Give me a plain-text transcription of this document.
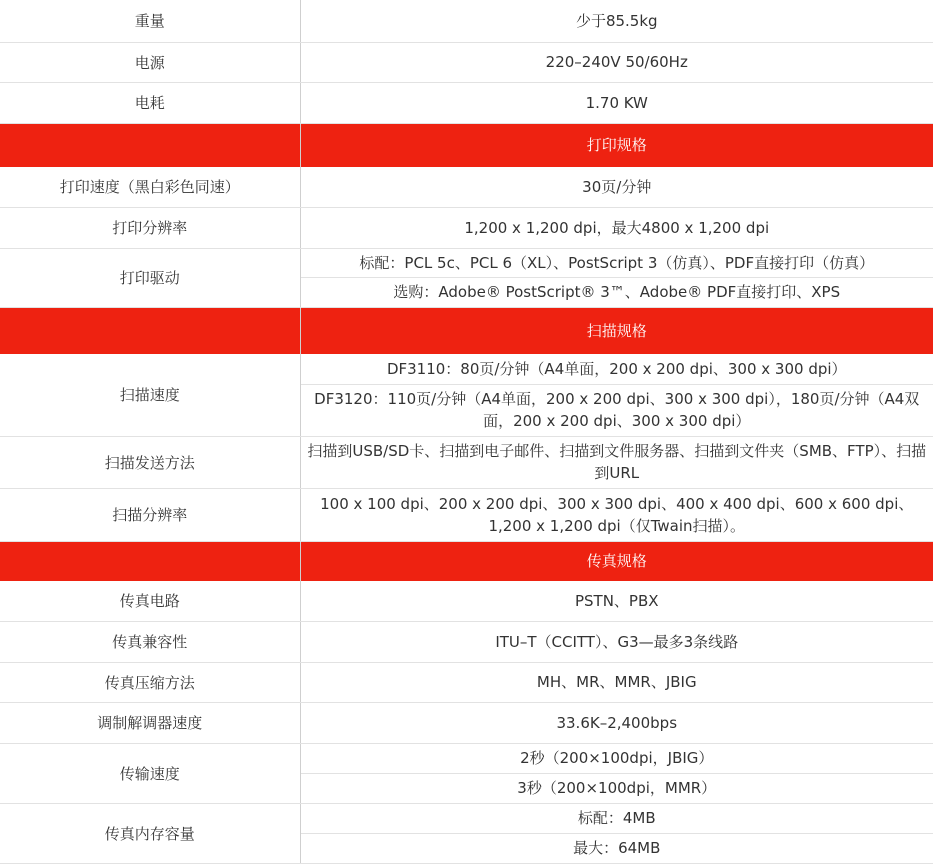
重量	少于85.5kg
电源	220–240V 50/60Hz
电耗	1.70 KW
	打印规格
打印速度（黑白彩色同速）	30页/分钟
打印分辨率	1,200 x 1,200 dpi，最大4800 x 1,200 dpi
打印驱动	标配：PCL 5c、PCL 6（XL）、PostScript 3（仿真）、PDF直接打印（仿真）
	选购：Adobe® PostScript® 3™、Adobe® PDF直接打印、XPS
	扫描规格
扫描速度	DF3110：80页/分钟（A4单面，200 x 200 dpi、300 x 300 dpi）
	DF3120：110页/分钟（A4单面，200 x 200 dpi、300 x 300 dpi），180页/分钟（A4双面，200 x 200 dpi、300 x 300 dpi）
扫描发送方法	扫描到USB/SD卡、扫描到电子邮件、扫描到文件服务器、扫描到文件夹（SMB、FTP）、扫描到URL
扫描分辨率	100 x 100 dpi、200 x 200 dpi、300 x 300 dpi、400 x 400 dpi、600 x 600 dpi、1,200 x 1,200 dpi（仅Twain扫描）。
	传真规格
传真电路	PSTN、PBX
传真兼容性	ITU–T（CCITT）、G3—最多3条线路
传真压缩方法	MH、MR、MMR、JBIG
调制解调器速度	33.6K–2,400bps
传输速度	2秒（200×100dpi，JBIG）
	3秒（200×100dpi，MMR）
传真内存容量	标配：4MB
	最大：64MB
